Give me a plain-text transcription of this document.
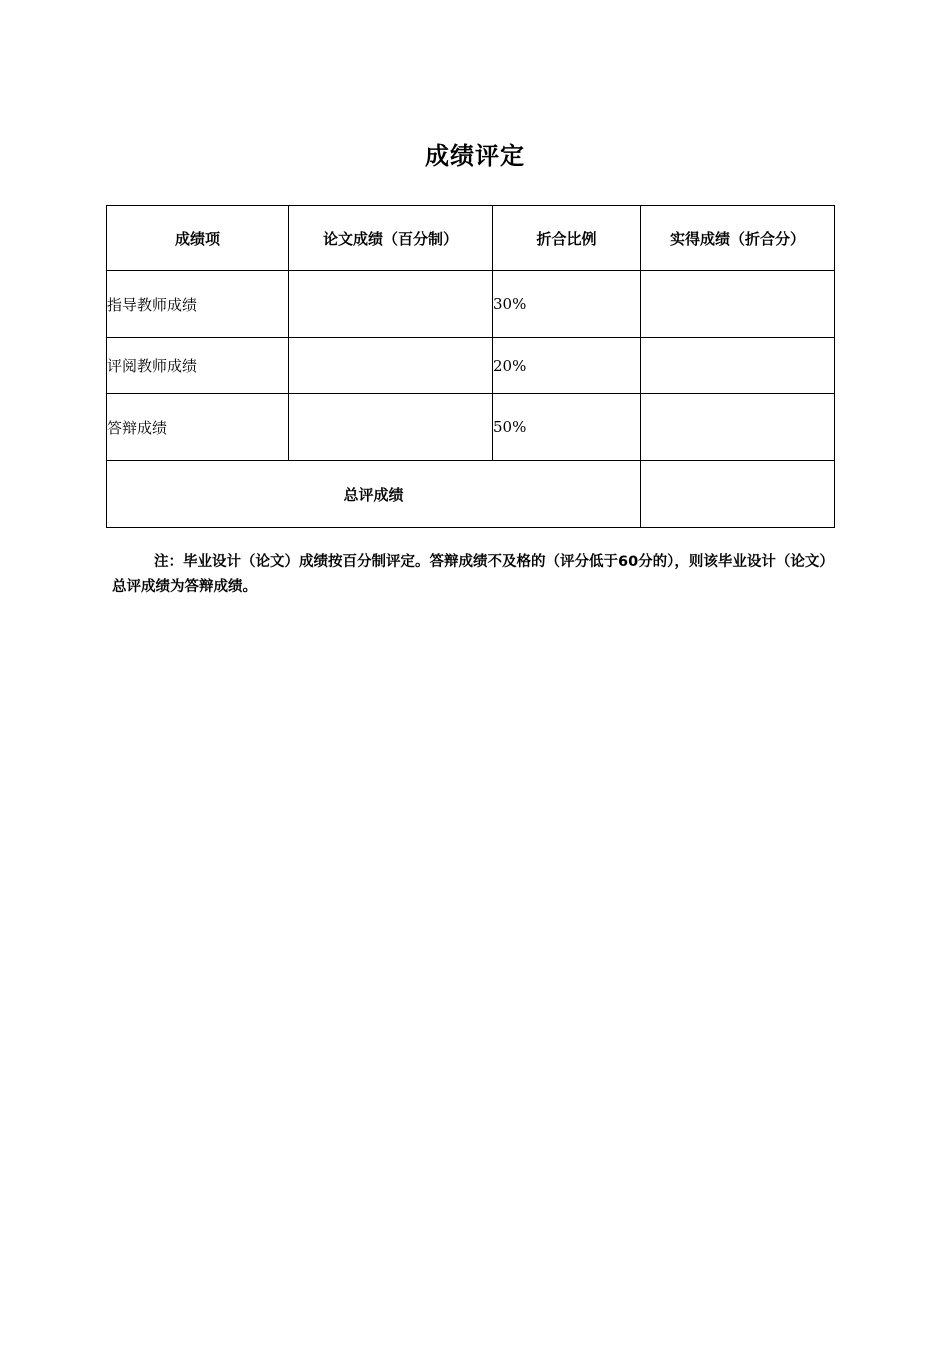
成绩评定
成绩项	论文成绩（百分制）	折合比例	实得成绩（折合分）
指导教师成绩		30%	
评阅教师成绩		20%	
答辩成绩		50%	
总评成绩			
注：毕业设计（论文）成绩按百分制评定。答辩成绩不及格的（评分低于60分的），则该毕业设计（论文）总评成绩为答辩成绩。
